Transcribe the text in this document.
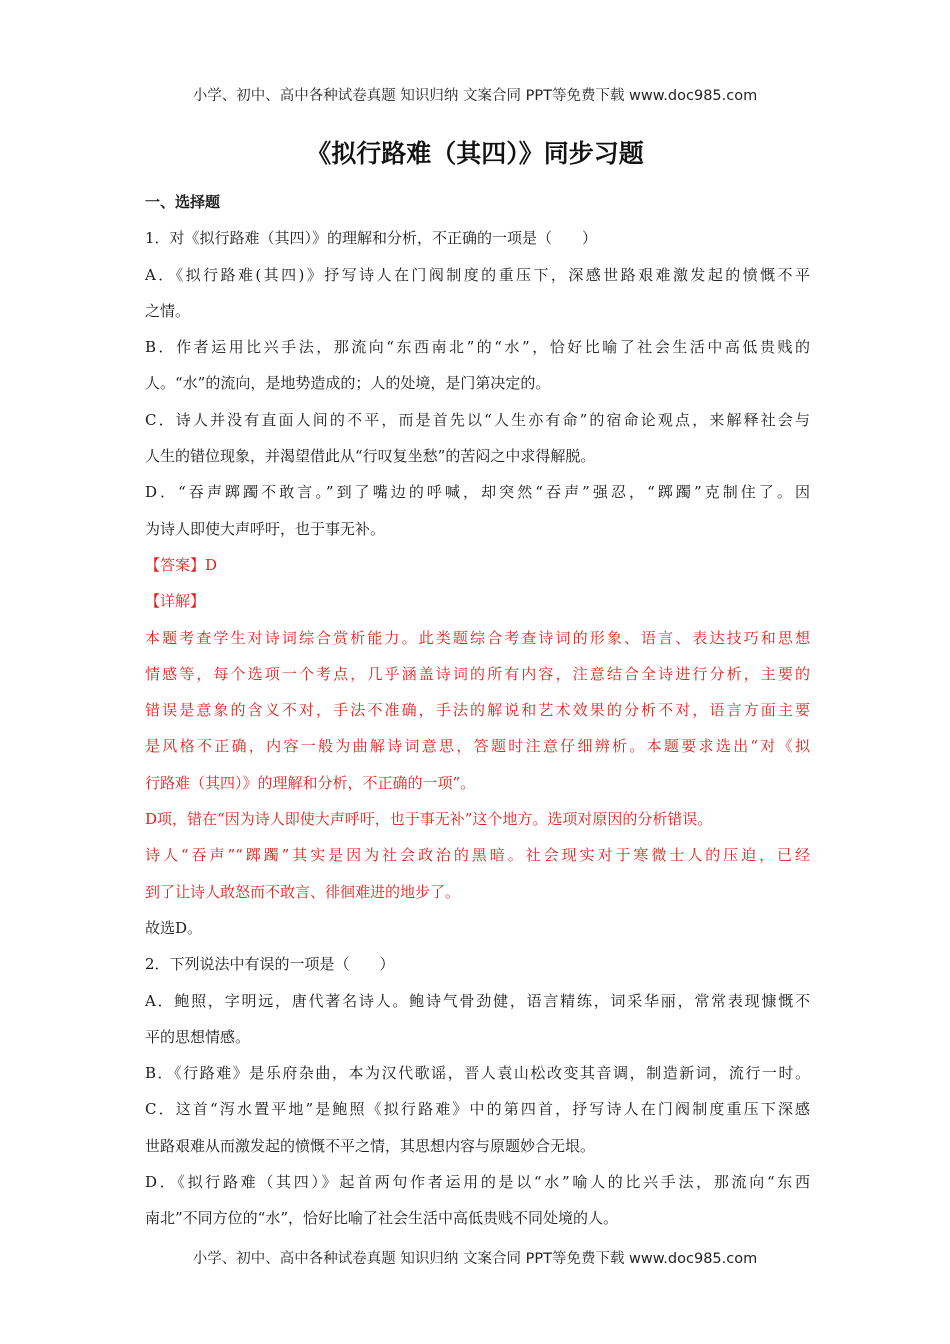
小学、初中、高中各种试卷真题 知识归纳 文案合同 PPT等免费下载 www.doc985.com
《拟行路难（其四）》同步习题
一、选择题
1．对《拟行路难（其四）》的理解和分析，不正确的一项是（　　）
A．《拟行路难(其四)》抒写诗人在门阀制度的重压下，深感世路艰难激发起的愤慨不平
之情。
B．作者运用比兴手法，那流向“东西南北”的“水”，恰好比喻了社会生活中高低贵贱的
人。“水”的流向，是地势造成的；人的处境，是门第决定的。
C．诗人并没有直面人间的不平，而是首先以“人生亦有命”的宿命论观点，来解释社会与
人生的错位现象，并渴望借此从“行叹复坐愁”的苦闷之中求得解脱。
D．“吞声踯躅不敢言。”到了嘴边的呼喊，却突然“吞声”强忍，“踯躅”克制住了。因
为诗人即使大声呼吁，也于事无补。
【答案】D
【详解】
本题考查学生对诗词综合赏析能力。此类题综合考查诗词的形象、语言、表达技巧和思想
情感等，每个选项一个考点，几乎涵盖诗词的所有内容，注意结合全诗进行分析，主要的
错误是意象的含义不对，手法不准确，手法的解说和艺术效果的分析不对，语言方面主要
是风格不正确，内容一般为曲解诗词意思，答题时注意仔细辨析。本题要求选出“对《拟
行路难（其四）》的理解和分析，不正确的一项”。
D项，错在“因为诗人即使大声呼吁，也于事无补”这个地方。选项对原因的分析错误。
诗人“吞声”“踯躅”其实是因为社会政治的黑暗。社会现实对于寒微士人的压迫，已经
到了让诗人敢怒而不敢言、徘徊难进的地步了。
故选D。
2．下列说法中有误的一项是（　　）
A．鲍照，字明远，唐代著名诗人。鲍诗气骨劲健，语言精练，词采华丽，常常表现慷慨不
平的思想情感。
B．《行路难》是乐府杂曲，本为汉代歌谣，晋人袁山松改变其音调，制造新词，流行一时。
C．这首“泻水置平地”是鲍照《拟行路难》中的第四首，抒写诗人在门阀制度重压下深感
世路艰难从而激发起的愤慨不平之情，其思想内容与原题妙合无垠。
D．《拟行路难（其四）》起首两句作者运用的是以“水”喻人的比兴手法，那流向“东西
南北”不同方位的“水”，恰好比喻了社会生活中高低贵贱不同处境的人。
小学、初中、高中各种试卷真题 知识归纳 文案合同 PPT等免费下载 www.doc985.com
